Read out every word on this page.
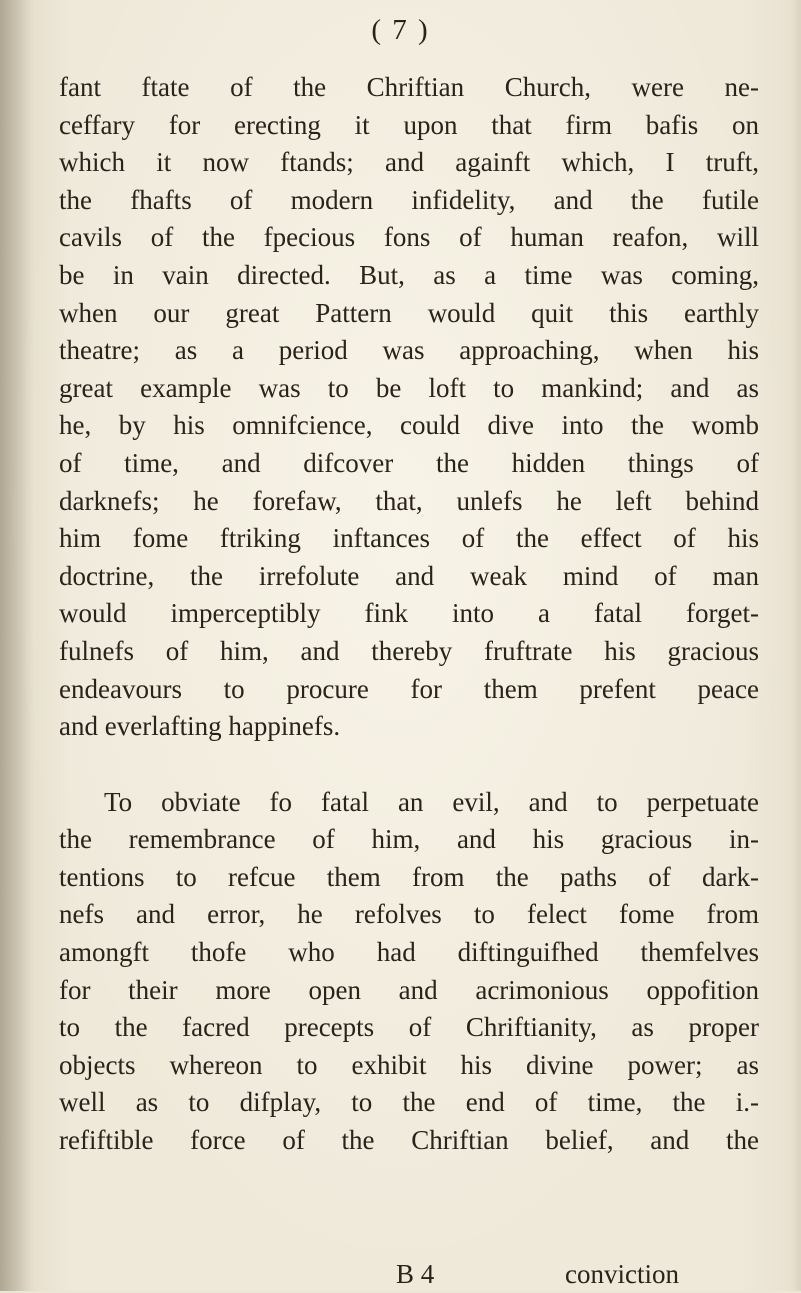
( 7 )
fant ftate of the Chriftian Church, were ne-
ceffary for erecting it upon that firm bafis on
which it now ftands; and againft which, I truft,
the fhafts of modern infidelity, and the futile
cavils of the fpecious fons of human reafon, will
be in vain directed. But, as a time was coming,
when our great Pattern would quit this earthly
theatre; as a period was approaching, when his
great example was to be loft to mankind; and as
he, by his omnifcience, could dive into the womb
of time, and difcover the hidden things of
darknefs; he forefaw, that, unlefs he left behind
him fome ftriking inftances of the effect of his
doctrine, the irrefolute and weak mind of man
would imperceptibly fink into a fatal forget-
fulnefs of him, and thereby fruftrate his gracious
endeavours to procure for them prefent peace
and everlafting happinefs.
To obviate fo fatal an evil, and to perpetuate
the remembrance of him, and his gracious in-
tentions to refcue them from the paths of dark-
nefs and error, he refolves to felect fome from
amongft thofe who had diftinguifhed themfelves
for their more open and acrimonious oppofition
to the facred precepts of Chriftianity, as proper
objects whereon to exhibit his divine power; as
well as to difplay, to the end of time, the i.-
refiftible force of the Chriftian belief, and the
B 4	conviction
